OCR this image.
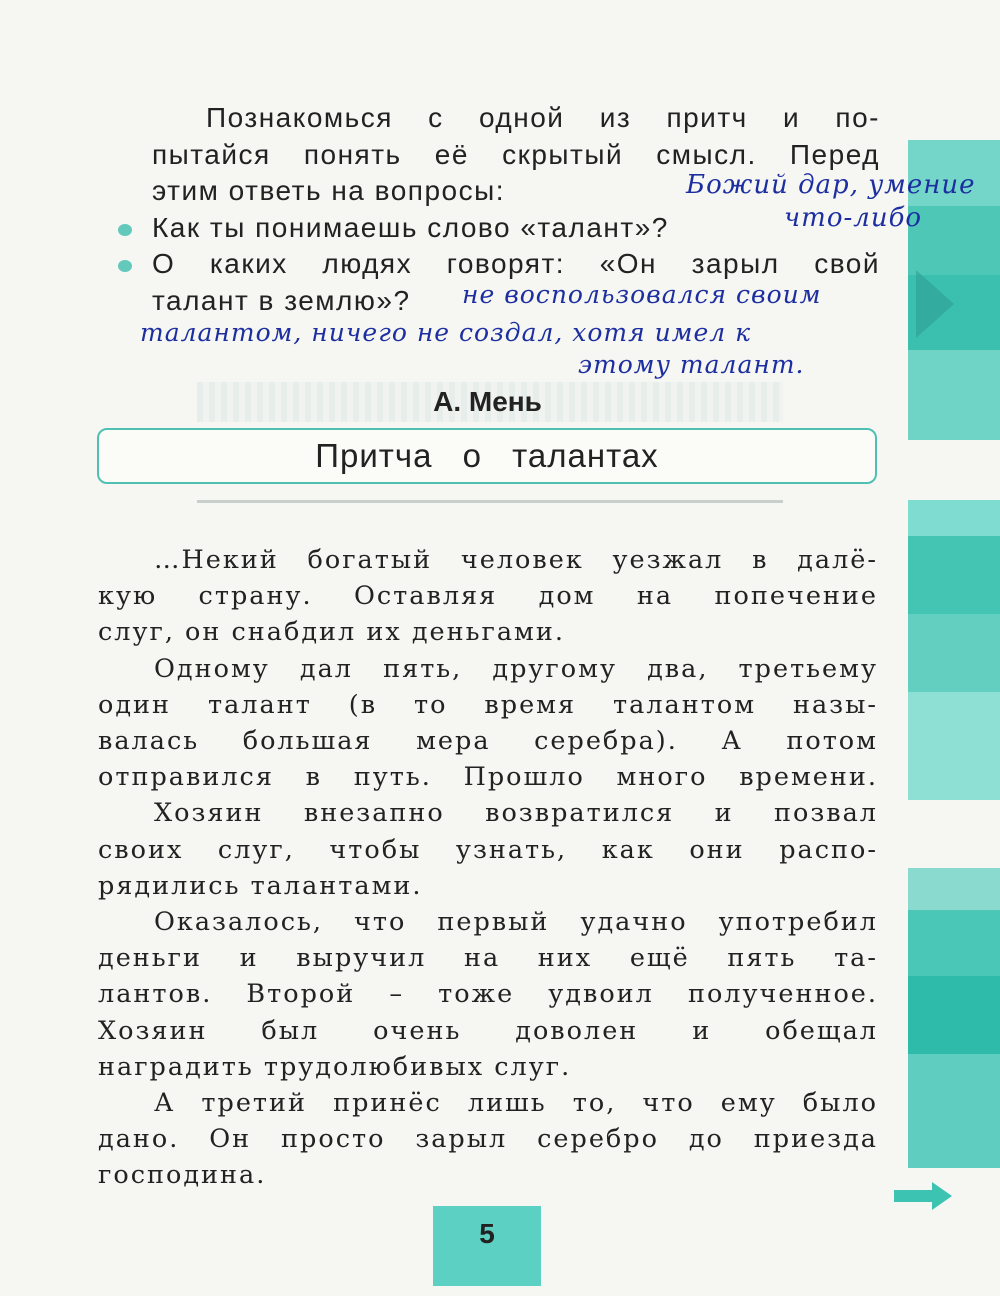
Познакомься с одной из притч и по-

пытайся понять её скрытый смысл. Перед

этим ответь на вопросы:

Как ты понимаешь слово «талант»?

О каких людях говорят: «Он зарыл свой

талант в землю»?

Божий дар, умение
что-либо
не воспользовался своим
талантом, ничего не создал, хотя имел к
этому талант.
А. Мень
Притча о талантах
…Некий богатый человек уезжал в далё-
кую страну. Оставляя дом на попечение
слуг, он снабдил их деньгами.
Одному дал пять, другому два, третьему
один талант (в то время талантом назы-
валась большая мера серебра). А потом
отправился в путь. Прошло много времени.
Хозяин внезапно возвратился и позвал
своих слуг, чтобы узнать, как они распо-
рядились талантами.
Оказалось, что первый удачно употребил
деньги и выручил на них ещё пять та-
лантов. Второй – тоже удвоил полученное.
Хозяин был очень доволен и обещал
наградить трудолюбивых слуг.
А третий принёс лишь то, что ему было
дано. Он просто зарыл серебро до приезда
господина.
5
